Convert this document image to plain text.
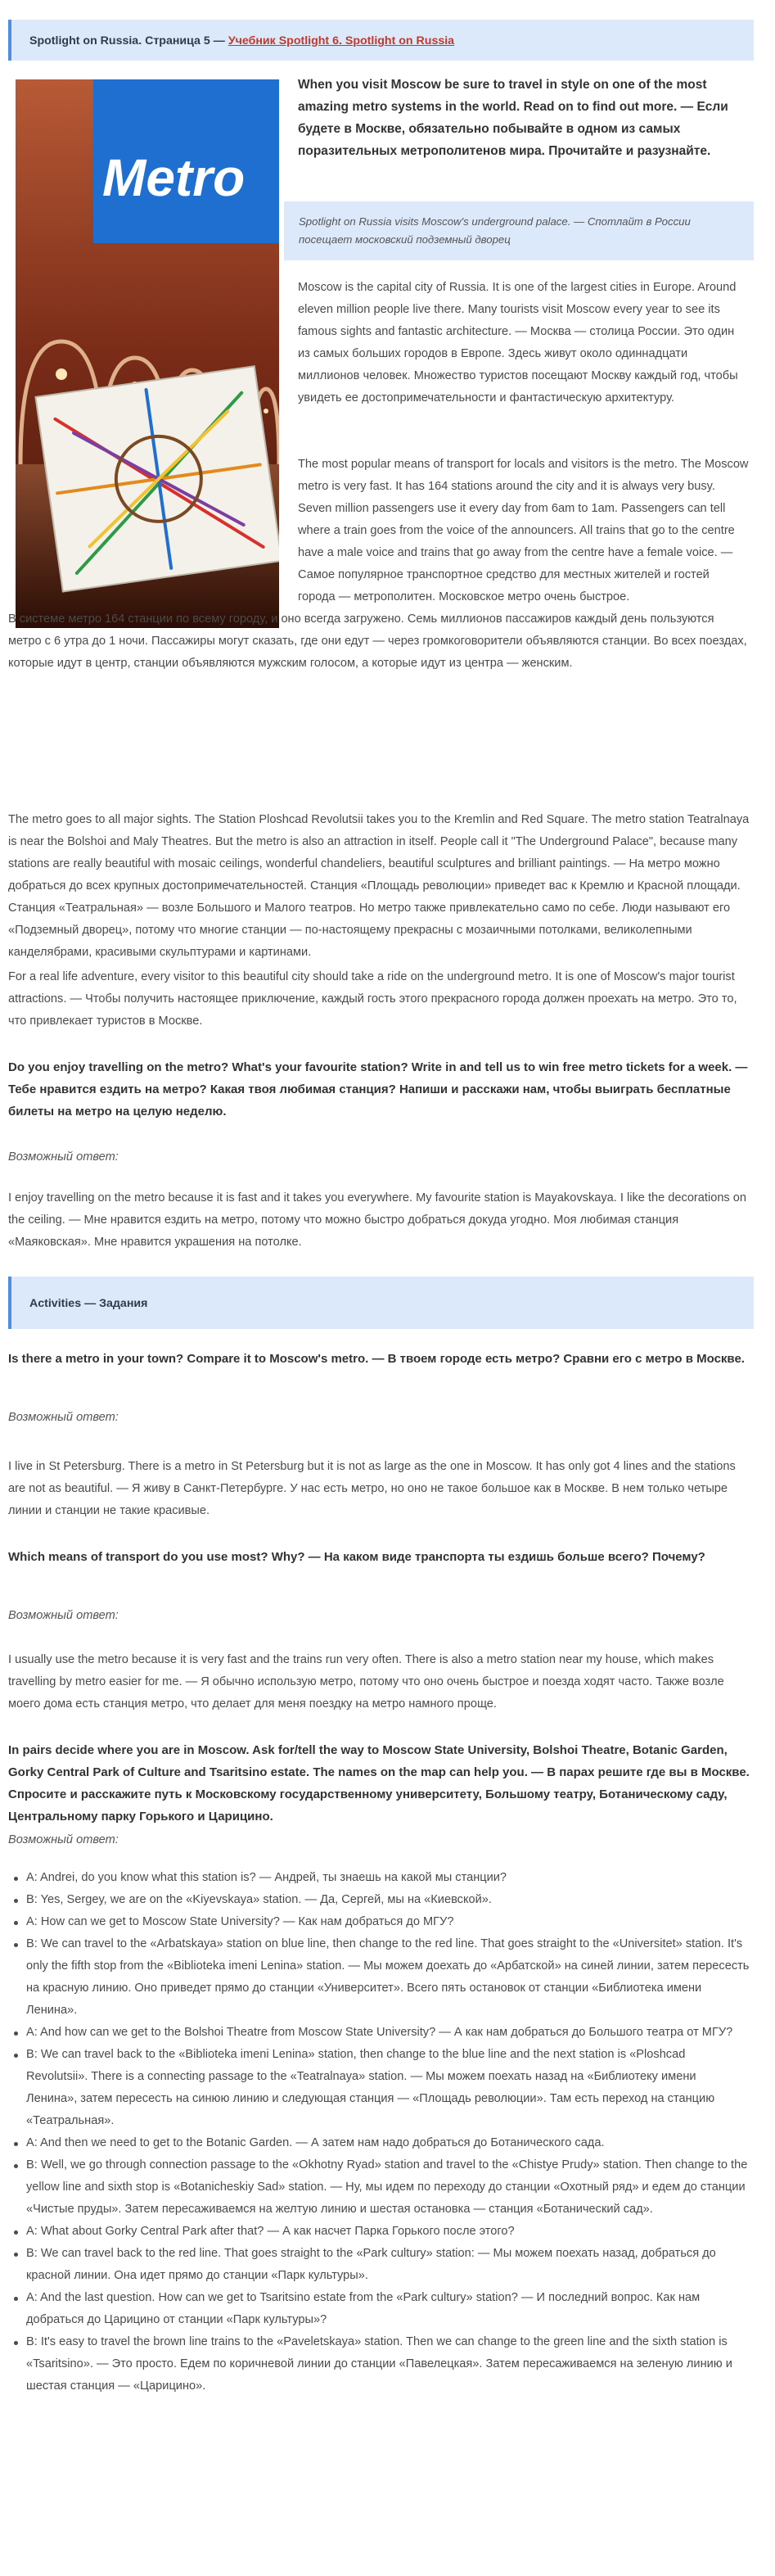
Spotlight on Russia. Страница 5 — Учебник Spotlight 6. Spotlight on Russia
Metro
When you visit Moscow be sure to travel in style on one of the most amazing metro systems in the world. Read on to find out more. — Если будете в Москве, обязательно побывайте в одном из самых поразительных метрополитенов мира. Прочитайте и разузнайте.
Spotlight on Russia visits Moscow's underground palace. — Спотлайт в России посещает московский подземный дворец
Moscow is the capital city of Russia. It is one of the largest cities in Europe. Around eleven million people live there. Many tourists visit Moscow every year to see its famous sights and fantastic architecture. — Москва — столица России. Это один из самых больших городов в Европе. Здесь живут около одиннадцати миллионов человек. Множество туристов посещают Москву каждый год, чтобы увидеть ее достопримечательности и фантастическую архитектуру.
The most popular means of transport for locals and visitors is the metro. The Moscow metro is very fast. It has 164 stations around the city and it is always very busy. Seven million passengers use it every day from 6am to 1am. Passengers can tell where a train goes from the voice of the announcers. All trains that go to the centre have a male voice and trains that go away from the centre have a female voice. — Самое популярное транспортное средство для местных жителей и гостей города — метрополитен. Московское метро очень быстрое.
В системе метро 164 станции по всему городу, и оно всегда загружено. Семь миллионов пассажиров каждый день пользуются метро с 6 утра до 1 ночи. Пассажиры могут сказать, где они едут — через громкоговорители объявляются станции. Во всех поездах, которые идут в центр, станции объявляются мужским голосом, а которые идут из центра — женским.
The metro goes to all major sights. The Station Ploshcad Revolutsii takes you to the Kremlin and Red Square. The metro station Teatralnaya is near the Bolshoi and Maly Theatres. But the metro is also an attraction in itself. People call it "The Underground Palace", because many stations are really beautiful with mosaic ceilings, wonderful chandeliers, beautiful sculptures and brilliant paintings. — На метро можно добраться до всех крупных достопримечательностей. Станция «Площадь революции» приведет вас к Кремлю и Красной площади. Станция «Театральная» — возле Большого и Малого театров. Но метро также привлекательно само по себе. Люди называют его «Подземный дворец», потому что многие станции — по-настоящему прекрасны с мозаичными потолками, великолепными канделябрами, красивыми скульптурами и картинами.
For a real life adventure, every visitor to this beautiful city should take a ride on the underground metro. It is one of Moscow's major tourist attractions. — Чтобы получить настоящее приключение, каждый гость этого прекрасного города должен проехать на метро. Это то, что привлекает туристов в Москве.
Do you enjoy travelling on the metro? What's your favourite station? Write in and tell us to win free metro tickets for a week. — Тебе нравится ездить на метро? Какая твоя любимая станция? Напиши и расскажи нам, чтобы выиграть бесплатные билеты на метро на целую неделю.
Возможный ответ:
I enjoy travelling on the metro because it is fast and it takes you everywhere. My favourite station is Mayakovskaya. I like the decorations on the ceiling. — Мне нравится ездить на метро, потому что можно быстро добраться докуда угодно. Моя любимая станция «Маяковская». Мне нравится украшения на потолке.
Activities — Задания
Is there a metro in your town? Compare it to Moscow's metro. — В твоем городе есть метро? Сравни его с метро в Москве.
Возможный ответ:
I live in St Petersburg. There is a metro in St Petersburg but it is not as large as the one in Moscow. It has only got 4 lines and the stations are not as beautiful. — Я живу в Санкт-Петербурге. У нас есть метро, но оно не такое большое как в Москве. В нем только четыре линии и станции не такие красивые.
Which means of transport do you use most? Why? — На каком виде транспорта ты ездишь больше всего? Почему?
Возможный ответ:
I usually use the metro because it is very fast and the trains run very often. There is also a metro station near my house, which makes travelling by metro easier for me. — Я обычно использую метро, потому что оно очень быстрое и поезда ходят часто. Также возле моего дома есть станция метро, что делает для меня поездку на метро намного проще.
In pairs decide where you are in Moscow. Ask for/tell the way to Moscow State University, Bolshoi Theatre, Botanic Garden, Gorky Central Park of Culture and Tsaritsino estate. The names on the map can help you. — В парах решите где вы в Москве. Спросите и расскажите путь к Московскому государственному университету, Большому театру, Ботаническому саду, Центральному парку Горького и Царицино.
Возможный ответ:
A: Andrei, do you know what this station is? — Андрей, ты знаешь на какой мы станции?
B: Yes, Sergey, we are on the «Kiyevskaya» station. — Да, Сергей, мы на «Киевской».
A: How can we get to Moscow State University? — Как нам добраться до МГУ?
B: We can travel to the «Arbatskaya» station on blue line, then change to the red line. That goes straight to the «Universitet» station. It's only the fifth stop from the «Biblioteka imeni Lenina» station. — Мы можем доехать до «Арбатской» на синей линии, затем пересесть на красную линию. Оно приведет прямо до станции «Университет». Всего пять остановок от станции «Библиотека имени Ленина».
A: And how can we get to the Bolshoi Theatre from Moscow State University? — А как нам добраться до Большого театра от МГУ?
B: We can travel back to the «Biblioteka imeni Lenina» station, then change to the blue line and the next station is «Ploshcad Revolutsii». There is a connecting passage to the «Teatralnaya» station. — Мы можем поехать назад на «Библиотеку имени Ленина», затем пересесть на синюю линию и следующая станция — «Площадь революции». Там есть переход на станцию «Театральная».
A: And then we need to get to the Botanic Garden. — А затем нам надо добраться до Ботанического сада.
B: Well, we go through connection passage to the «Okhotny Ryad» station and travel to the «Chistye Prudy» station. Then change to the yellow line and sixth stop is «Botanicheskiy Sad» station. — Ну, мы идем по переходу до станции «Охотный ряд» и едем до станции «Чистые пруды». Затем пересаживаемся на желтую линию и шестая остановка — станция «Ботанический сад».
A: What about Gorky Central Park after that? — А как насчет Парка Горького после этого?
B: We can travel back to the red line. That goes straight to the «Park cultury» station: — Мы можем поехать назад, добраться до красной линии. Она идет прямо до станции «Парк культуры».
A: And the last question. How can we get to Tsaritsino estate from the «Park cultury» station? — И последний вопрос. Как нам добраться до Царицино от станции «Парк культуры»?
B: It's easy to travel the brown line trains to the «Paveletskaya» station. Then we can change to the green line and the sixth station is «Tsaritsino». — Это просто. Едем по коричневой линии до станции «Павелецкая». Затем пересаживаемся на зеленую линию и шестая станция — «Царицино».
